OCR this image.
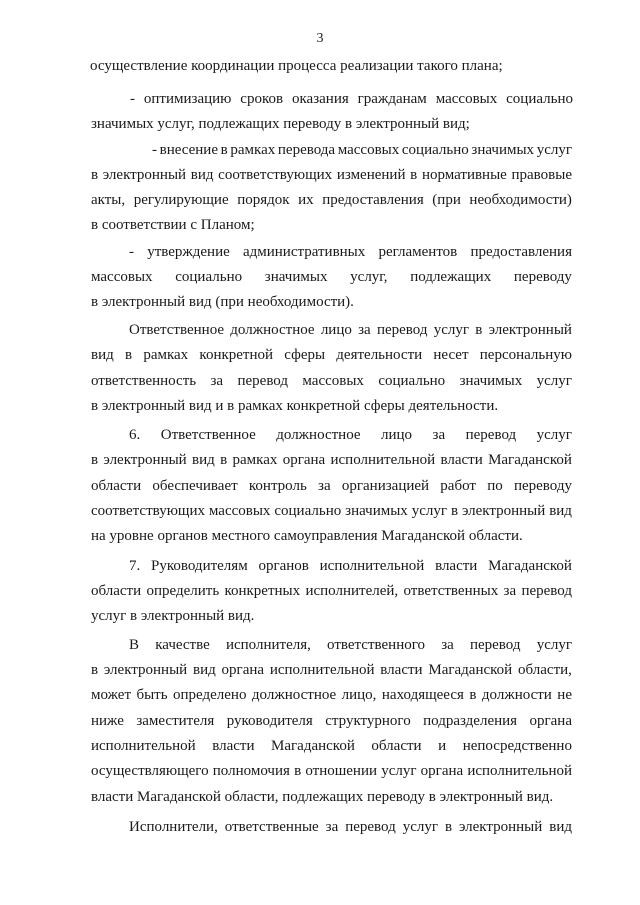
3
осуществление координации процесса реализации такого плана;
- оптимизацию сроков оказания гражданам массовых социально
значимых услуг, подлежащих переводу в электронный вид;
- внесение в рамках перевода массовых социально значимых услуг
в электронный вид соответствующих изменений в нормативные правовые
акты, регулирующие порядок их предоставления (при необходимости)
в соответствии с Планом;
- утверждение административных регламентов предоставления
массовых социально значимых услуг, подлежащих переводу
в электронный вид (при необходимости).
Ответственное должностное лицо за перевод услуг в электронный
вид в рамках конкретной сферы деятельности несет персональную
ответственность за перевод массовых социально значимых услуг
в электронный вид и в рамках конкретной сферы деятельности.
6. Ответственное должностное лицо за перевод услуг
в электронный вид в рамках органа исполнительной власти Магаданской
области обеспечивает контроль за организацией работ по переводу
соответствующих массовых социально значимых услуг в электронный вид
на уровне органов местного самоуправления Магаданской области.
7. Руководителям органов исполнительной власти Магаданской
области определить конкретных исполнителей, ответственных за перевод
услуг в электронный вид.
В качестве исполнителя, ответственного за перевод услуг
в электронный вид органа исполнительной власти Магаданской области,
может быть определено должностное лицо, находящееся в должности не
ниже заместителя руководителя структурного подразделения органа
исполнительной власти Магаданской области и непосредственно
осуществляющего полномочия в отношении услуг органа исполнительной
власти Магаданской области, подлежащих переводу в электронный вид.
Исполнители, ответственные за перевод услуг в электронный вид
